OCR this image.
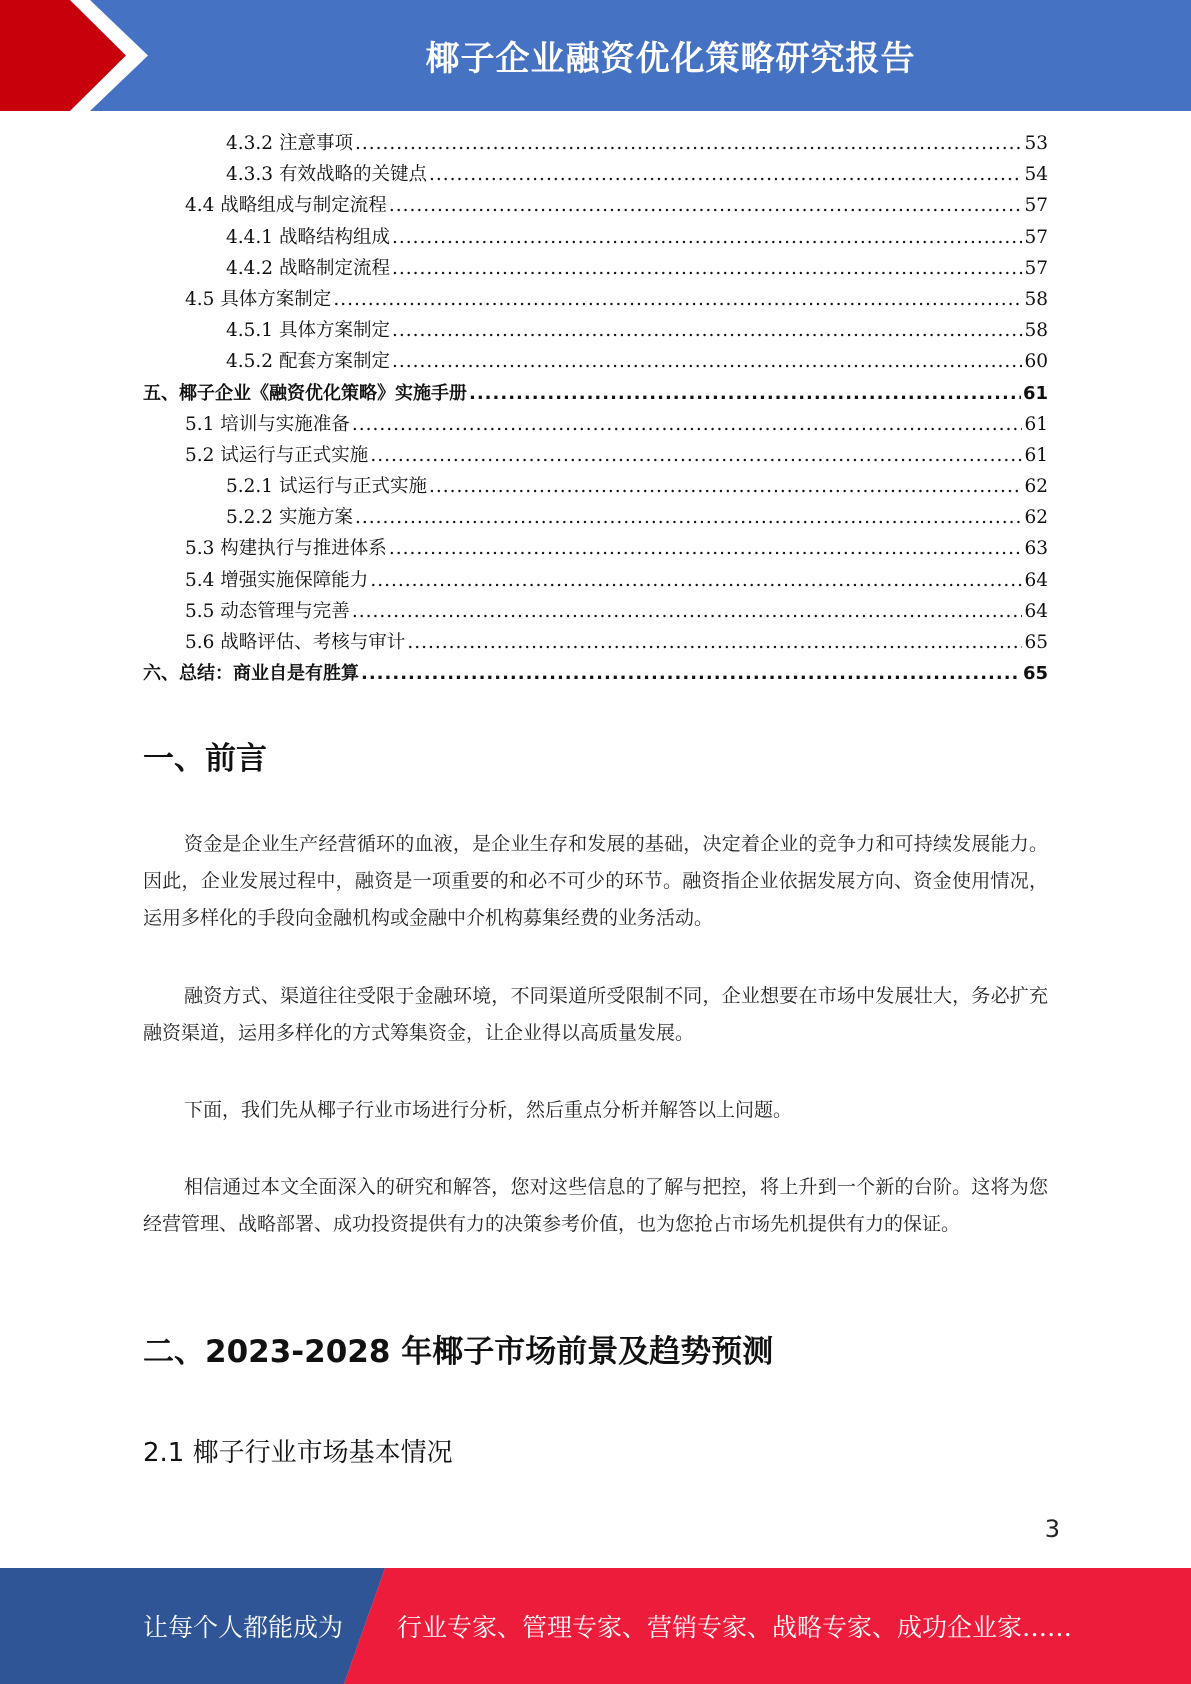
椰子企业融资优化策略研究报告
4.3.2 注意事项 .....	53
4.3.3 有效战略的关键点 .....	54
4.4 战略组成与制定流程 .....	57
4.4.1 战略结构组成 .....	57
4.4.2 战略制定流程 .....	57
4.5 具体方案制定 .....	58
4.5.1 具体方案制定 .....	58
4.5.2 配套方案制定 .....	60
五、椰子企业《融资优化策略》实施手册 .....	61
5.1 培训与实施准备 .....	61
5.2 试运行与正式实施 .....	61
5.2.1 试运行与正式实施 .....	62
5.2.2 实施方案 .....	62
5.3 构建执行与推进体系 .....	63
5.4 增强实施保障能力 .....	64
5.5 动态管理与完善 .....	64
5.6 战略评估、考核与审计 .....	65
六、总结：商业自是有胜算 .....	65
一、前言
资金是企业生产经营循环的血液，是企业生存和发展的基础，决定着企业的竞争力和可持续发展能力。因此，企业发展过程中，融资是一项重要的和必不可少的环节。融资指企业依据发展方向、资金使用情况，运用多样化的手段向金融机构或金融中介机构募集经费的业务活动。
融资方式、渠道往往受限于金融环境，不同渠道所受限制不同，企业想要在市场中发展壮大，务必扩充融资渠道，运用多样化的方式筹集资金，让企业得以高质量发展。
下面，我们先从椰子行业市场进行分析，然后重点分析并解答以上问题。
相信通过本文全面深入的研究和解答，您对这些信息的了解与把控，将上升到一个新的台阶。这将为您经营管理、战略部署、成功投资提供有力的决策参考价值，也为您抢占市场先机提供有力的保证。
二、2023-2028 年椰子市场前景及趋势预测
2.1 椰子行业市场基本情况
3
让每个人都能成为 行业专家、管理专家、营销专家、战略专家、成功企业家……
